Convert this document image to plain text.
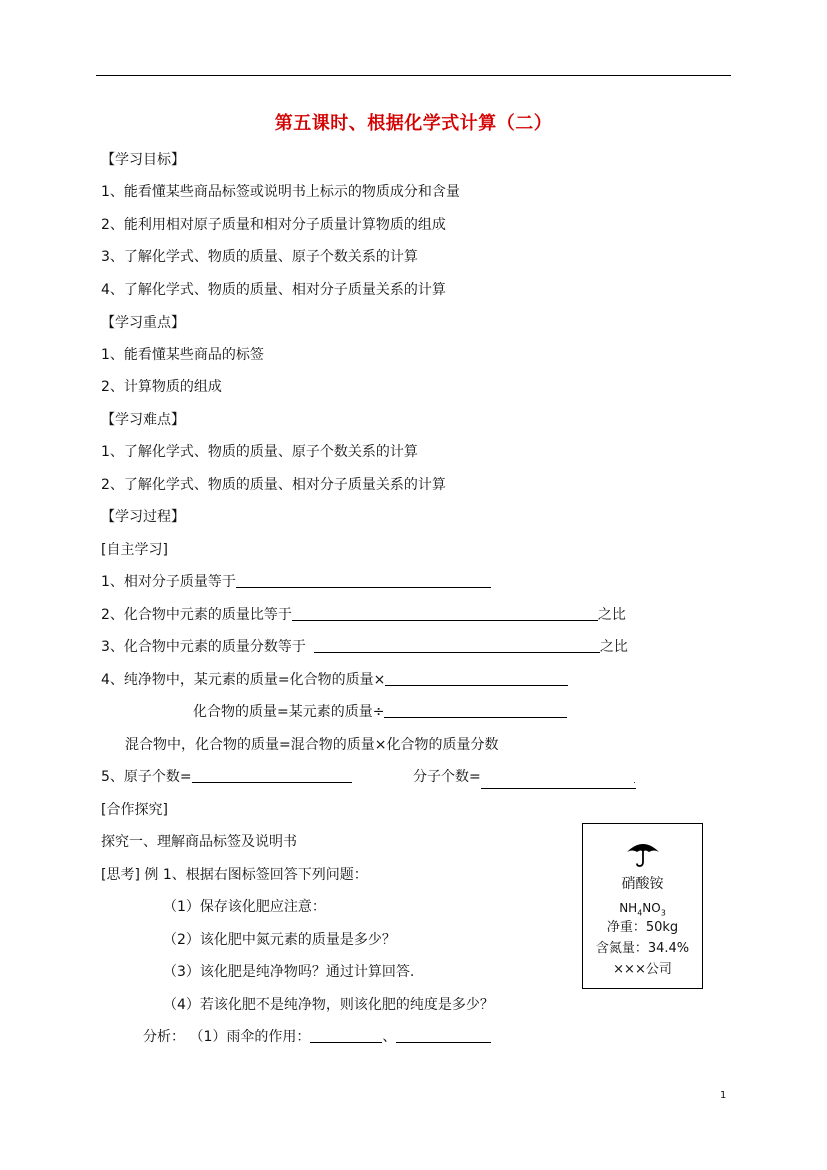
第五课时、根据化学式计算（二）
【学习目标】
1、能看懂某些商品标签或说明书上标示的物质成分和含量
2、能利用相对原子质量和相对分子质量计算物质的组成
3、了解化学式、物质的质量、原子个数关系的计算
4、了解化学式、物质的质量、相对分子质量关系的计算
【学习重点】
1、能看懂某些商品的标签
2、计算物质的组成
【学习难点】
1、了解化学式、物质的质量、原子个数关系的计算
2、了解化学式、物质的质量、相对分子质量关系的计算
【学习过程】
[自主学习]
1、相对分子质量等于
2、化合物中元素的质量比等于	之比
3、化合物中元素的质量分数等于	之比
4、纯净物中，某元素的质量=化合物的质量×
化合物的质量=某元素的质量÷
混合物中，化合物的质量=混合物的质量×化合物的质量分数
5、原子个数=	分子个数=	.
[合作探究]
探究一、理解商品标签及说明书
[思考] 例 1、根据右图标签回答下列问题：
（1）保存该化肥应注意：
（2）该化肥中氮元素的质量是多少？
（3）该化肥是纯净物吗？通过计算回答.
（4）若该化肥不是纯净物，则该化肥的纯度是多少？
分析： （1）雨伞的作用：	、
硝酸铵
$NH_4NO_3$
净重：50kg
含氮量：34.4%
×××公司
1
